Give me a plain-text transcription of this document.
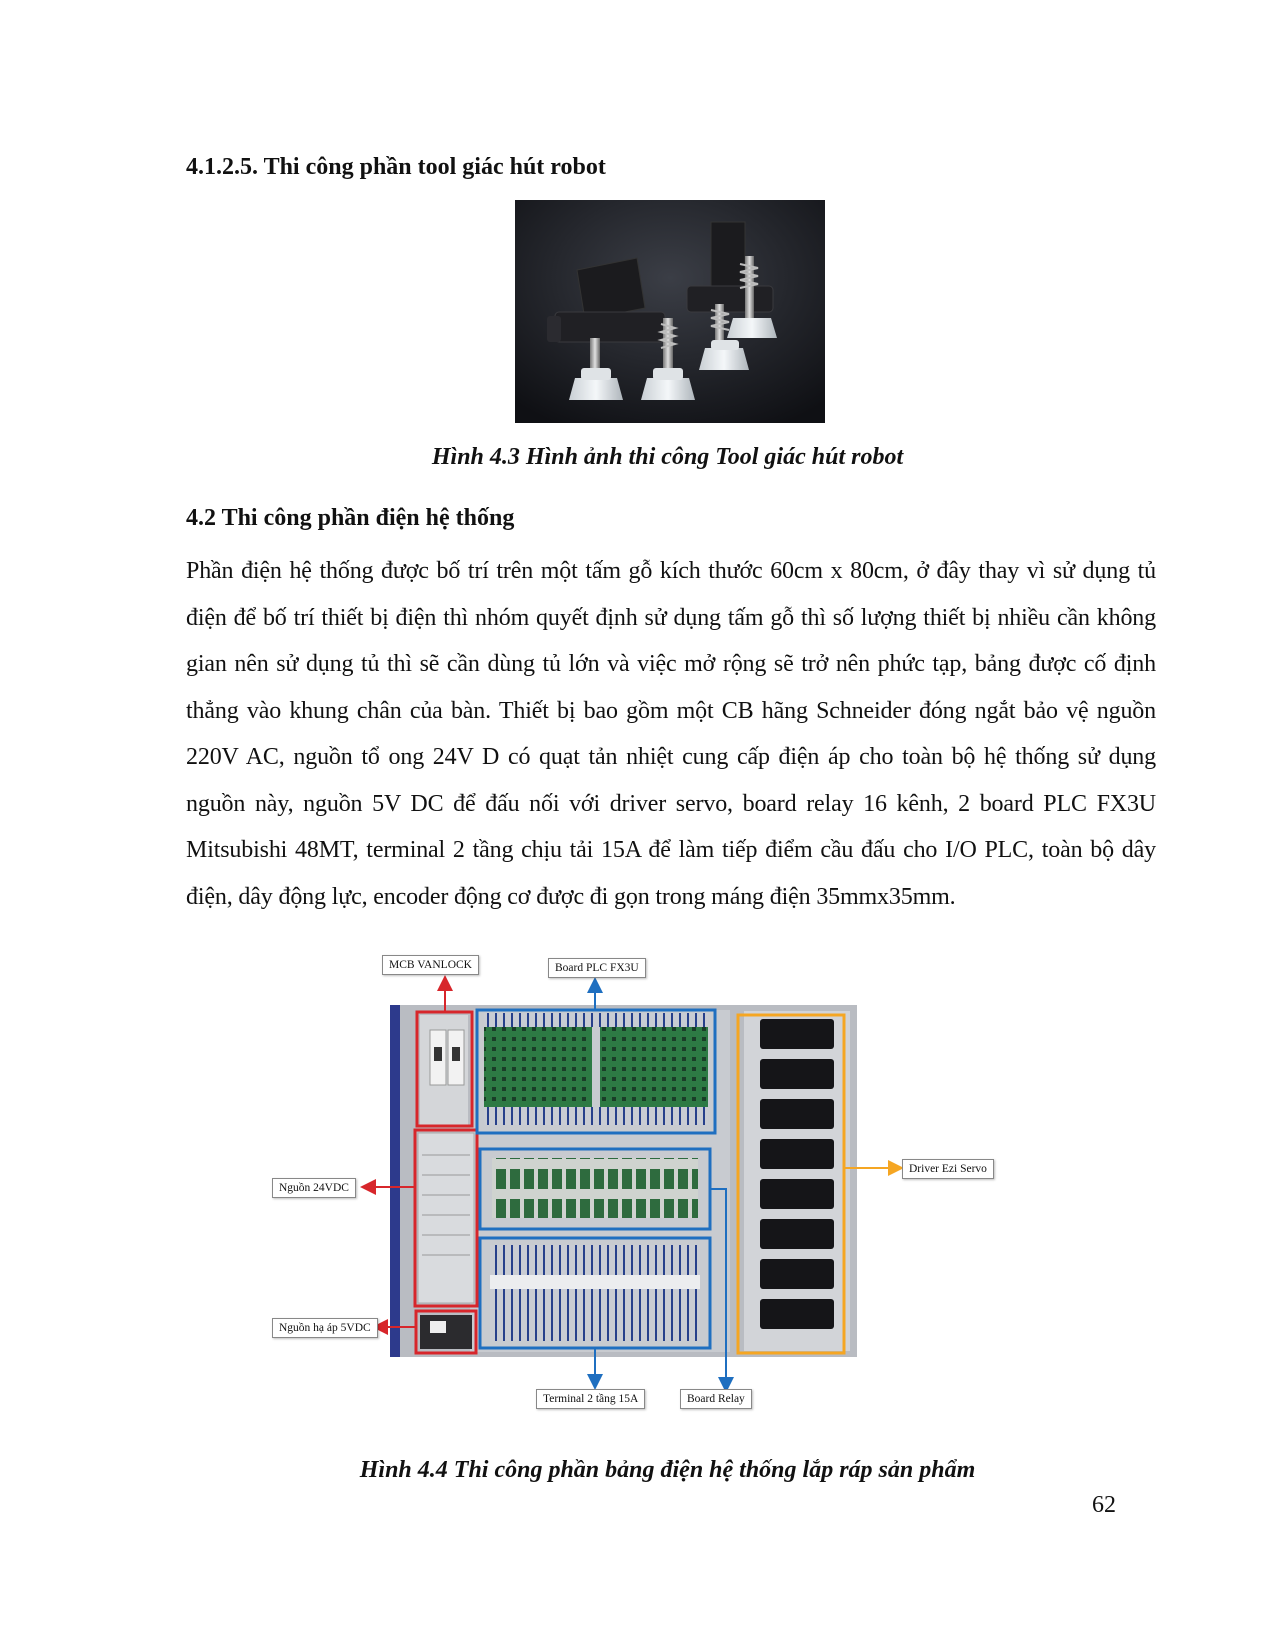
4.1.2.5. Thi công phần tool giác hút robot

Hình 4.3 Hình ảnh thi công Tool giác hút robot

4.2 Thi công phần điện hệ thống

Phần điện hệ thống được bố trí trên một tấm gỗ kích thước 60cm x 80cm, ở đây thay vì sử dụng tủ điện để bố trí thiết bị điện thì nhóm quyết định sử dụng tấm gỗ thì số lượng thiết bị nhiều cần không gian nên sử dụng tủ thì sẽ cần dùng tủ lớn và việc mở rộng sẽ trở nên phức tạp, bảng được cố định thẳng vào khung chân của bàn. Thiết bị bao gồm một CB hãng Schneider đóng ngắt bảo vệ nguồn 220V AC, nguồn tổ ong 24V D có quạt tản nhiệt cung cấp điện áp cho toàn bộ hệ thống sử dụng nguồn này, nguồn 5V DC để đấu nối với driver servo, board relay 16 kênh, 2 board PLC FX3U Mitsubishi 48MT, terminal 2 tầng chịu tải 15A để làm tiếp điểm cầu đấu cho I/O PLC, toàn bộ dây điện, dây động lực, encoder động cơ được đi gọn trong máng điện 35mmx35mm.

MCB VANLOCK	Board PLC FX3U
Nguồn 24VDC
Nguồn hạ áp 5VDC
Driver Ezi Servo
Terminal 2 tầng 15A	Board Relay

Hình 4.4 Thi công phần bảng điện hệ thống lắp ráp sản phẩm

62
